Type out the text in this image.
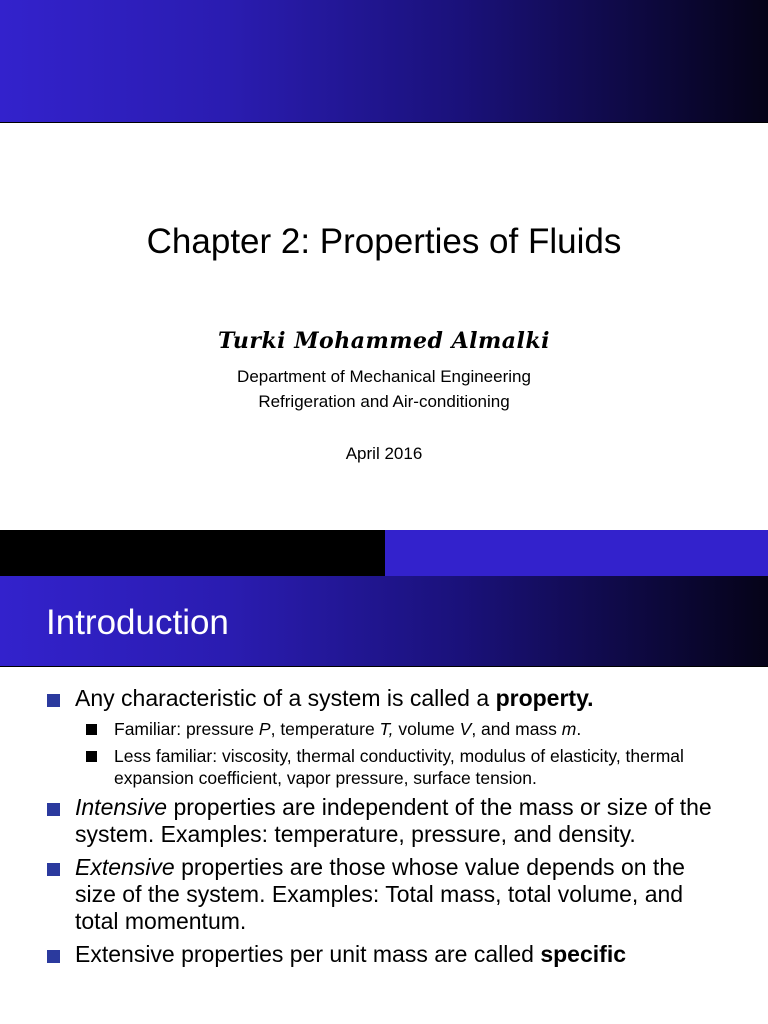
Chapter 2: Properties of Fluids
Turki Mohammed Almalki
Department of Mechanical Engineering
Refrigeration and Air-conditioning
April 2016
Introduction
Any characteristic of a system is called a property.
Familiar: pressure P, temperature T, volume V, and mass m.
Less familiar: viscosity, thermal conductivity, modulus of elasticity, thermal expansion coefficient, vapor pressure, surface tension.
Intensive properties are independent of the mass or size of the system. Examples: temperature, pressure, and density.
Extensive properties are those whose value depends on the size of the system. Examples: Total mass, total volume, and total momentum.
Extensive properties per unit mass are called specific
